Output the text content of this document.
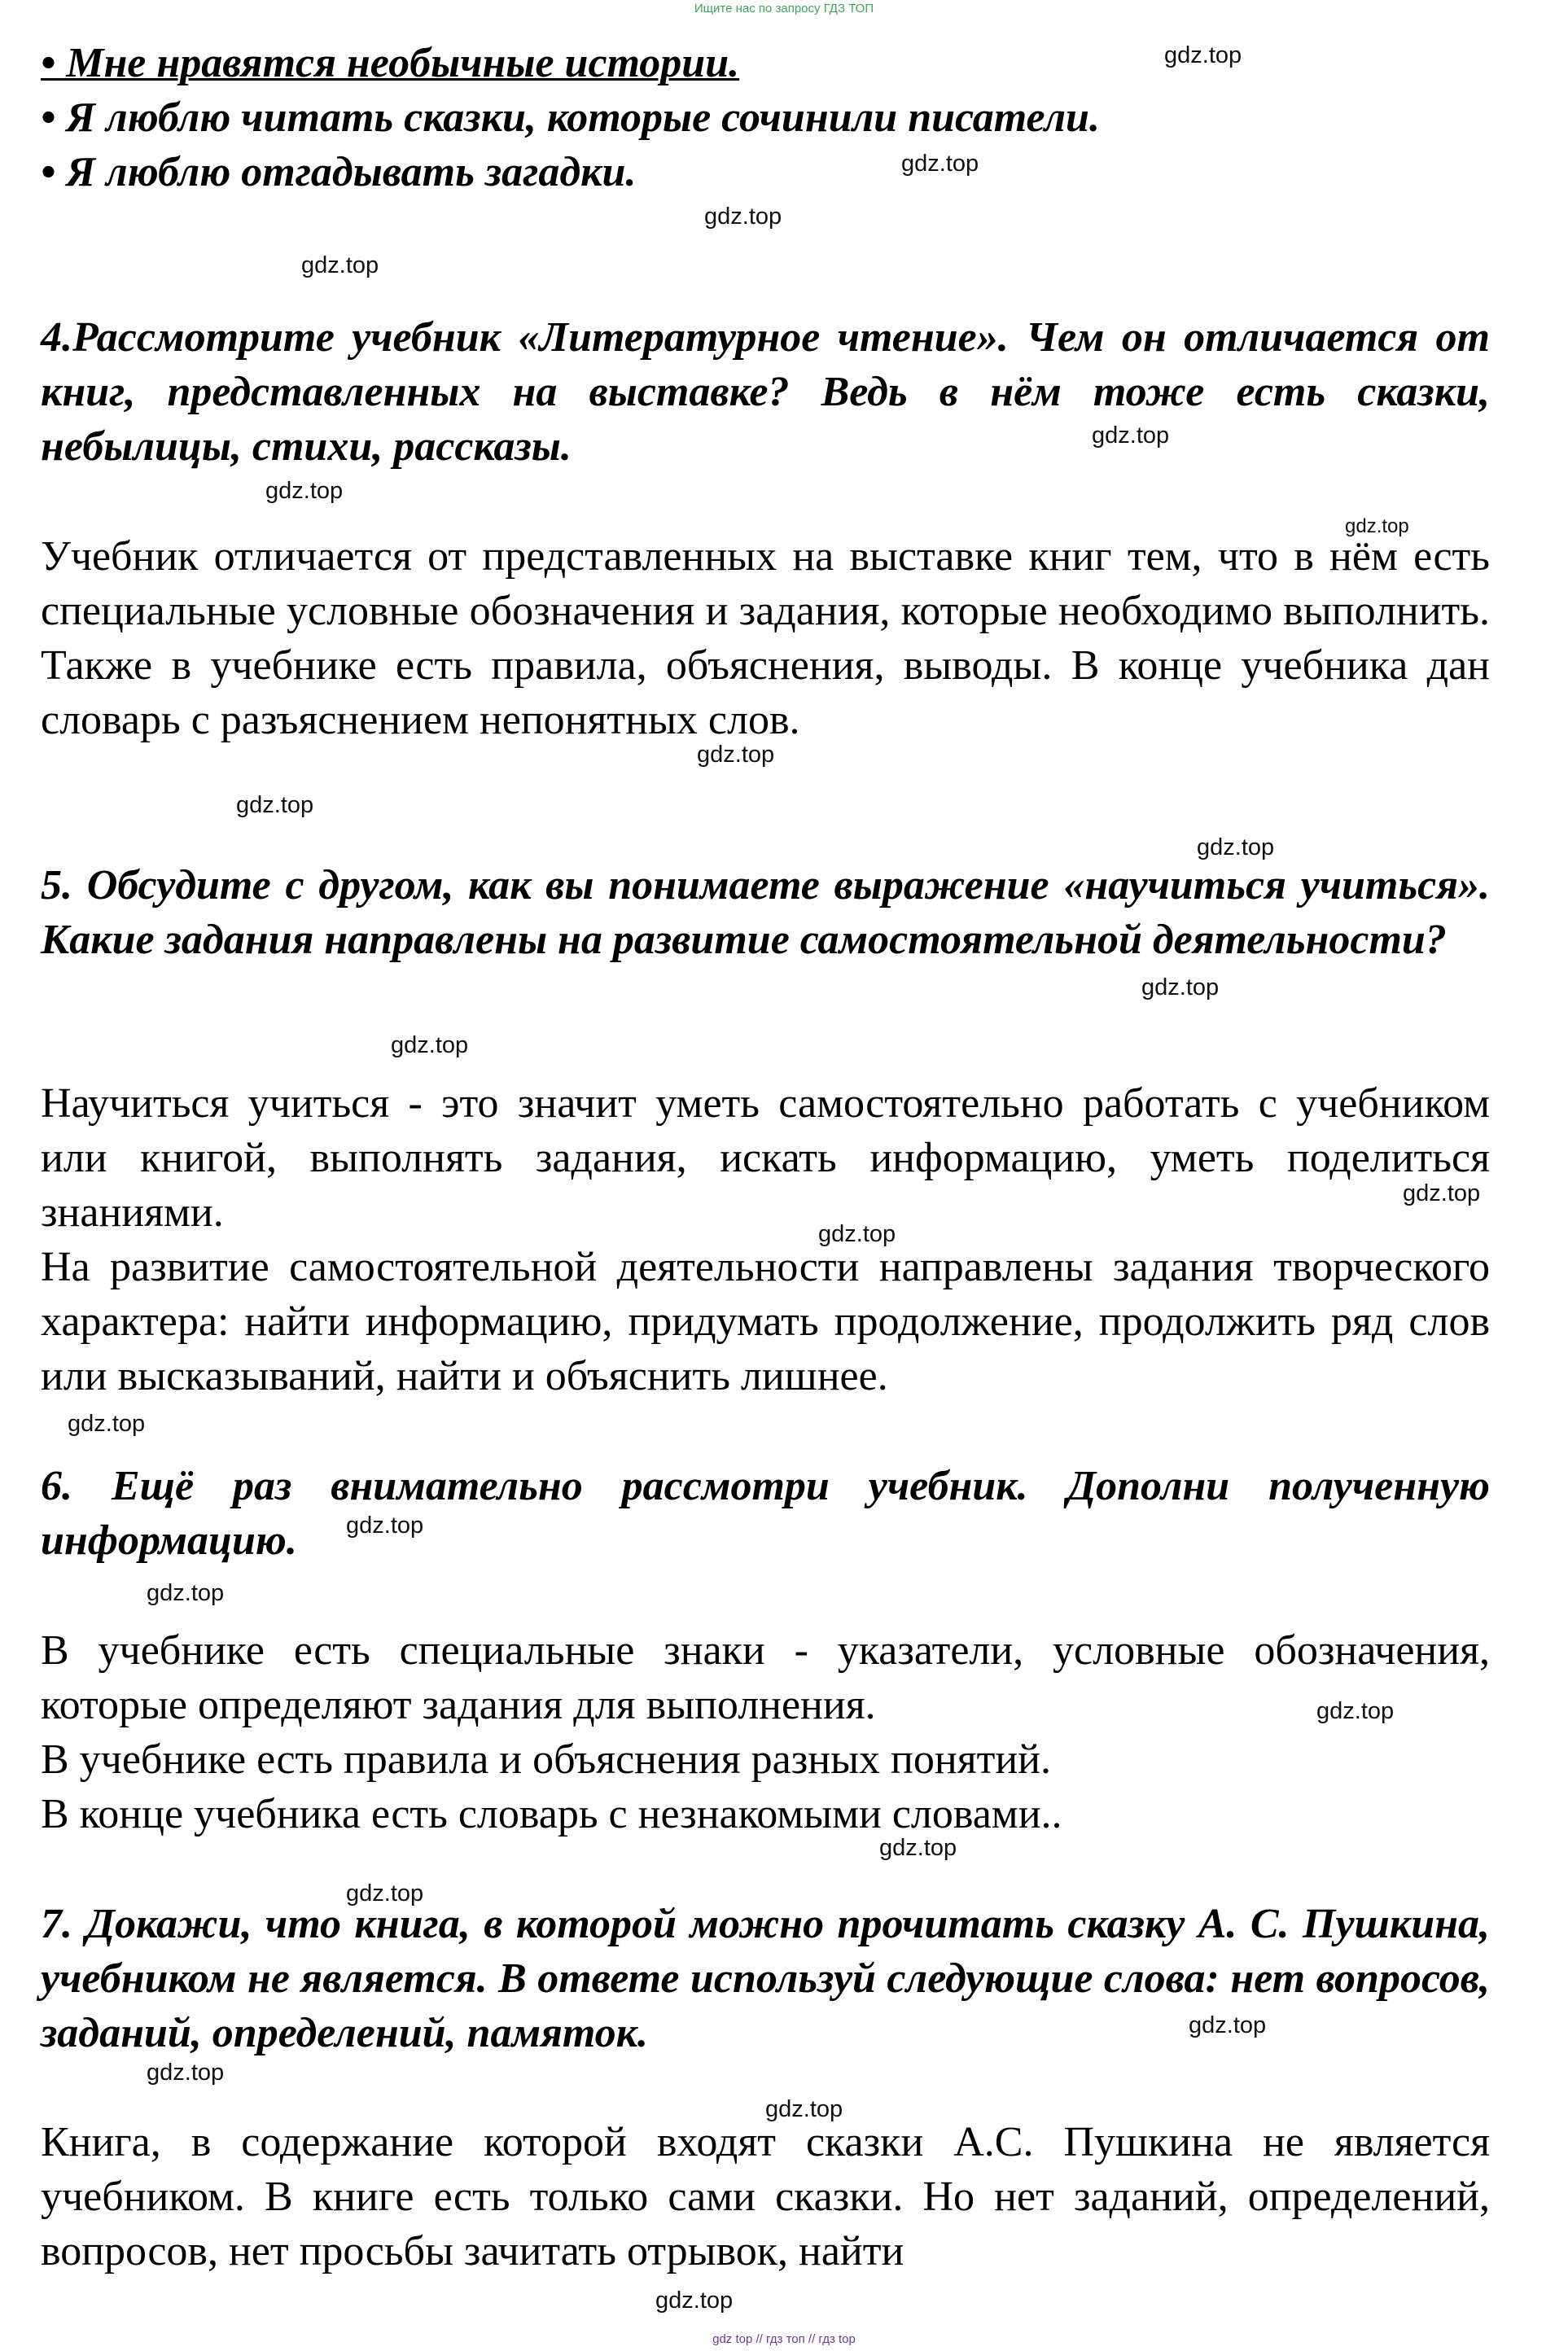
Ищите нас по запросу ГДЗ ТОП
• Мне нравятся необычные истории.
• Я люблю читать сказки, которые сочинили писатели.
• Я люблю отгадывать загадки.

4.Рассмотрите учебник «Литературное чтение». Чем он отличается от книг, представленных на выставке? Ведь в нём тоже есть сказки, небылицы, стихи, рассказы.

Учебник отличается от представленных на выставке книг тем, что в нём есть специальные условные обозначения и задания, которые необходимо выполнить. Также в учебнике есть правила, объяснения, выводы. В конце учебника дан словарь с разъяснением непонятных слов.

5. Обсудите с другом, как вы понимаете выражение «научиться учиться». Какие задания направлены на развитие самостоятельной деятельности?

Научиться учиться - это значит уметь самостоятельно работать с учебником или книгой, выполнять задания, искать информацию, уметь поделиться знаниями.

На развитие самостоятельной деятельности направлены задания творческого характера: найти информацию, придумать продолжение, продолжить ряд слов или высказываний, найти и объяснить лишнее.

6. Ещё раз внимательно рассмотри учебник. Дополни полученную информацию.

В учебнике есть специальные знаки - указатели, условные обозначения, которые определяют задания для выполнения.
В учебнике есть правила и объяснения разных понятий.
В конце учебника есть словарь с незнакомыми словами..

7. Докажи, что книга, в которой можно прочитать сказку А. С. Пушкина, учебником не является. В ответе используй следующие слова: нет вопросов, заданий, определений, памяток.

Книга, в содержание которой входят сказки А.С. Пушкина не является учебником. В книге есть только сами сказки. Но нет заданий, определений, вопросов, нет просьбы зачитать отрывок, найти

gdz.top
gdz.top
gdz.top
gdz.top
gdz.top
gdz.top
gdz.top
gdz.top
gdz.top
gdz.top
gdz.top
gdz.top
gdz.top
gdz.top
gdz.top
gdz.top
gdz.top
gdz.top
gdz.top
gdz.top
gdz.top
gdz.top
gdz.top
gdz.top
gdz top // гдз топ // гдз top
